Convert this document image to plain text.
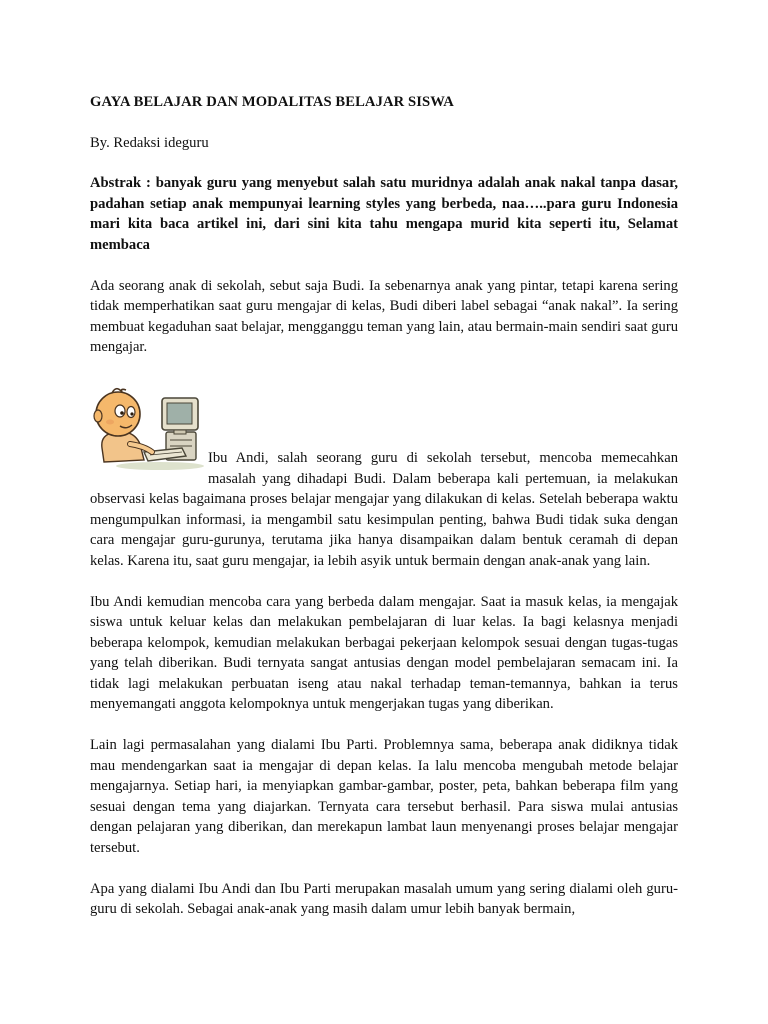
GAYA BELAJAR DAN MODALITAS BELAJAR SISWA

By. Redaksi ideguru

Abstrak : banyak guru yang menyebut salah satu muridnya adalah anak nakal tanpa dasar, padahan setiap anak mempunyai learning styles yang berbeda, naa…..para guru Indonesia mari kita baca artikel ini, dari sini kita tahu mengapa murid kita seperti itu, Selamat membaca

Ada seorang anak di sekolah, sebut saja Budi. Ia sebenarnya anak yang pintar, tetapi karena sering tidak memperhatikan saat guru mengajar di kelas, Budi diberi label sebagai “anak nakal”. Ia sering membuat kegaduhan saat belajar, mengganggu teman yang lain, atau bermain-main sendiri saat guru mengajar.

Ibu Andi, salah seorang guru di sekolah tersebut, mencoba memecahkan masalah yang dihadapi Budi. Dalam beberapa kali pertemuan, ia melakukan observasi kelas bagaimana proses belajar mengajar yang dilakukan di kelas. Setelah beberapa waktu mengumpulkan informasi, ia mengambil satu kesimpulan penting, bahwa Budi tidak suka dengan cara mengajar guru-gurunya, terutama jika hanya disampaikan dalam bentuk ceramah di depan kelas. Karena itu, saat guru mengajar, ia lebih asyik untuk bermain dengan anak-anak yang lain.

Ibu Andi kemudian mencoba cara yang berbeda dalam mengajar. Saat ia masuk kelas, ia mengajak siswa untuk keluar kelas dan melakukan pembelajaran di luar kelas. Ia bagi kelasnya menjadi beberapa kelompok, kemudian melakukan berbagai pekerjaan kelompok sesuai dengan tugas-tugas yang telah diberikan. Budi ternyata sangat antusias dengan model pembelajaran semacam ini. Ia tidak lagi melakukan perbuatan iseng atau nakal terhadap teman-temannya, bahkan ia terus menyemangati anggota kelompoknya untuk mengerjakan tugas yang diberikan.

Lain lagi permasalahan yang dialami Ibu Parti. Problemnya sama, beberapa anak didiknya tidak mau mendengarkan saat ia mengajar di depan kelas. Ia lalu mencoba mengubah metode belajar mengajarnya. Setiap hari, ia menyiapkan gambar-gambar, poster, peta, bahkan beberapa film yang sesuai dengan tema yang diajarkan. Ternyata cara tersebut berhasil. Para siswa mulai antusias dengan pelajaran yang diberikan, dan merekapun lambat laun menyenangi proses belajar mengajar tersebut.

Apa yang dialami Ibu Andi dan Ibu Parti merupakan masalah umum yang sering dialami oleh guru-guru di sekolah. Sebagai anak-anak yang masih dalam umur lebih banyak bermain,
